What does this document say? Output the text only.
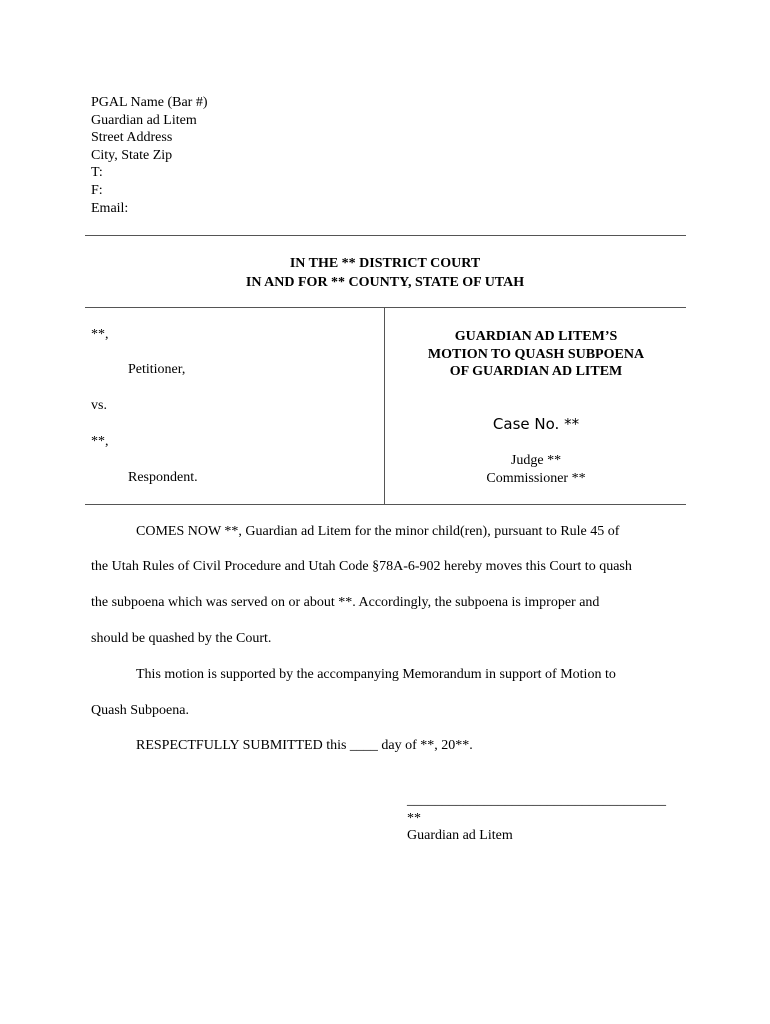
PGAL Name (Bar #)
Guardian ad Litem
Street Address
City, State Zip
T:
F:
Email:
IN THE ** DISTRICT COURT
IN AND FOR ** COUNTY, STATE OF UTAH
**,
Petitioner,
vs.
**,
Respondent.
GUARDIAN AD LITEM’S
MOTION TO QUASH SUBPOENA
OF GUARDIAN AD LITEM
Case No. **
Judge **
Commissioner **
COMES NOW **, Guardian ad Litem for the minor child(ren), pursuant to Rule 45 of
the Utah Rules of Civil Procedure and Utah Code §78A-6-902 hereby moves this Court to quash
the subpoena which was served on or about **. Accordingly, the subpoena is improper and
should be quashed by the Court.
This motion is supported by the accompanying Memorandum in support of Motion to
Quash Subpoena.
RESPECTFULLY SUBMITTED this ____ day of **, 20**.
_____________________________________
**
Guardian ad Litem
